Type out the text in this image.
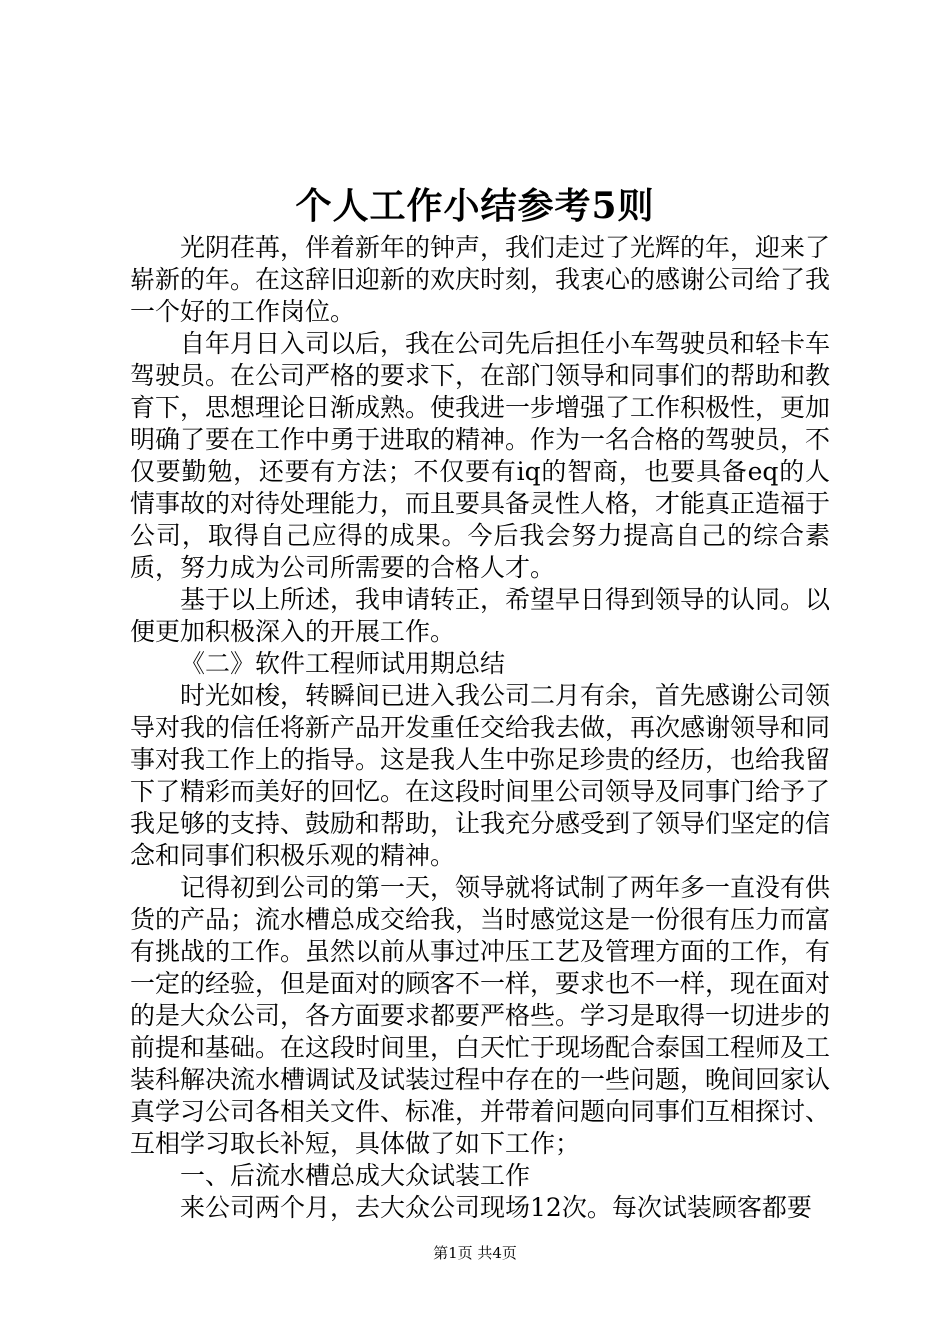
个人工作小结参考5则

光阴荏苒，伴着新年的钟声，我们走过了光辉的年，迎来了崭新的年。在这辞旧迎新的欢庆时刻，我衷心的感谢公司给了我一个好的工作岗位。

自年月日入司以后，我在公司先后担任小车驾驶员和轻卡车驾驶员。在公司严格的要求下，在部门领导和同事们的帮助和教育下，思想理论日渐成熟。使我进一步增强了工作积极性，更加明确了要在工作中勇于进取的精神。作为一名合格的驾驶员，不仅要勤勉，还要有方法；不仅要有iq的智商，也要具备eq的人情事故的对待处理能力，而且要具备灵性人格，才能真正造福于公司，取得自己应得的成果。今后我会努力提高自己的综合素质，努力成为公司所需要的合格人才。

基于以上所述，我申请转正，希望早日得到领导的认同。以便更加积极深入的开展工作。

《二》软件工程师试用期总结

时光如梭，转瞬间已进入我公司二月有余，首先感谢公司领导对我的信任将新产品开发重任交给我去做，再次感谢领导和同事对我工作上的指导。这是我人生中弥足珍贵的经历，也给我留下了精彩而美好的回忆。在这段时间里公司领导及同事门给予了我足够的支持、鼓励和帮助，让我充分感受到了领导们坚定的信念和同事们积极乐观的精神。

记得初到公司的第一天，领导就将试制了两年多一直没有供货的产品；流水槽总成交给我，当时感觉这是一份很有压力而富有挑战的工作。虽然以前从事过冲压工艺及管理方面的工作，有一定的经验，但是面对的顾客不一样，要求也不一样，现在面对的是大众公司，各方面要求都要严格些。学习是取得一切进步的前提和基础。在这段时间里，白天忙于现场配合泰国工程师及工装科解决流水槽调试及试装过程中存在的一些问题，晚间回家认真学习公司各相关文件、标准，并带着问题向同事们互相探讨、互相学习取长补短，具体做了如下工作；

一、后流水槽总成大众试装工作

来公司两个月，去大众公司现场12次。每次试装顾客都要

第1页 共4页
